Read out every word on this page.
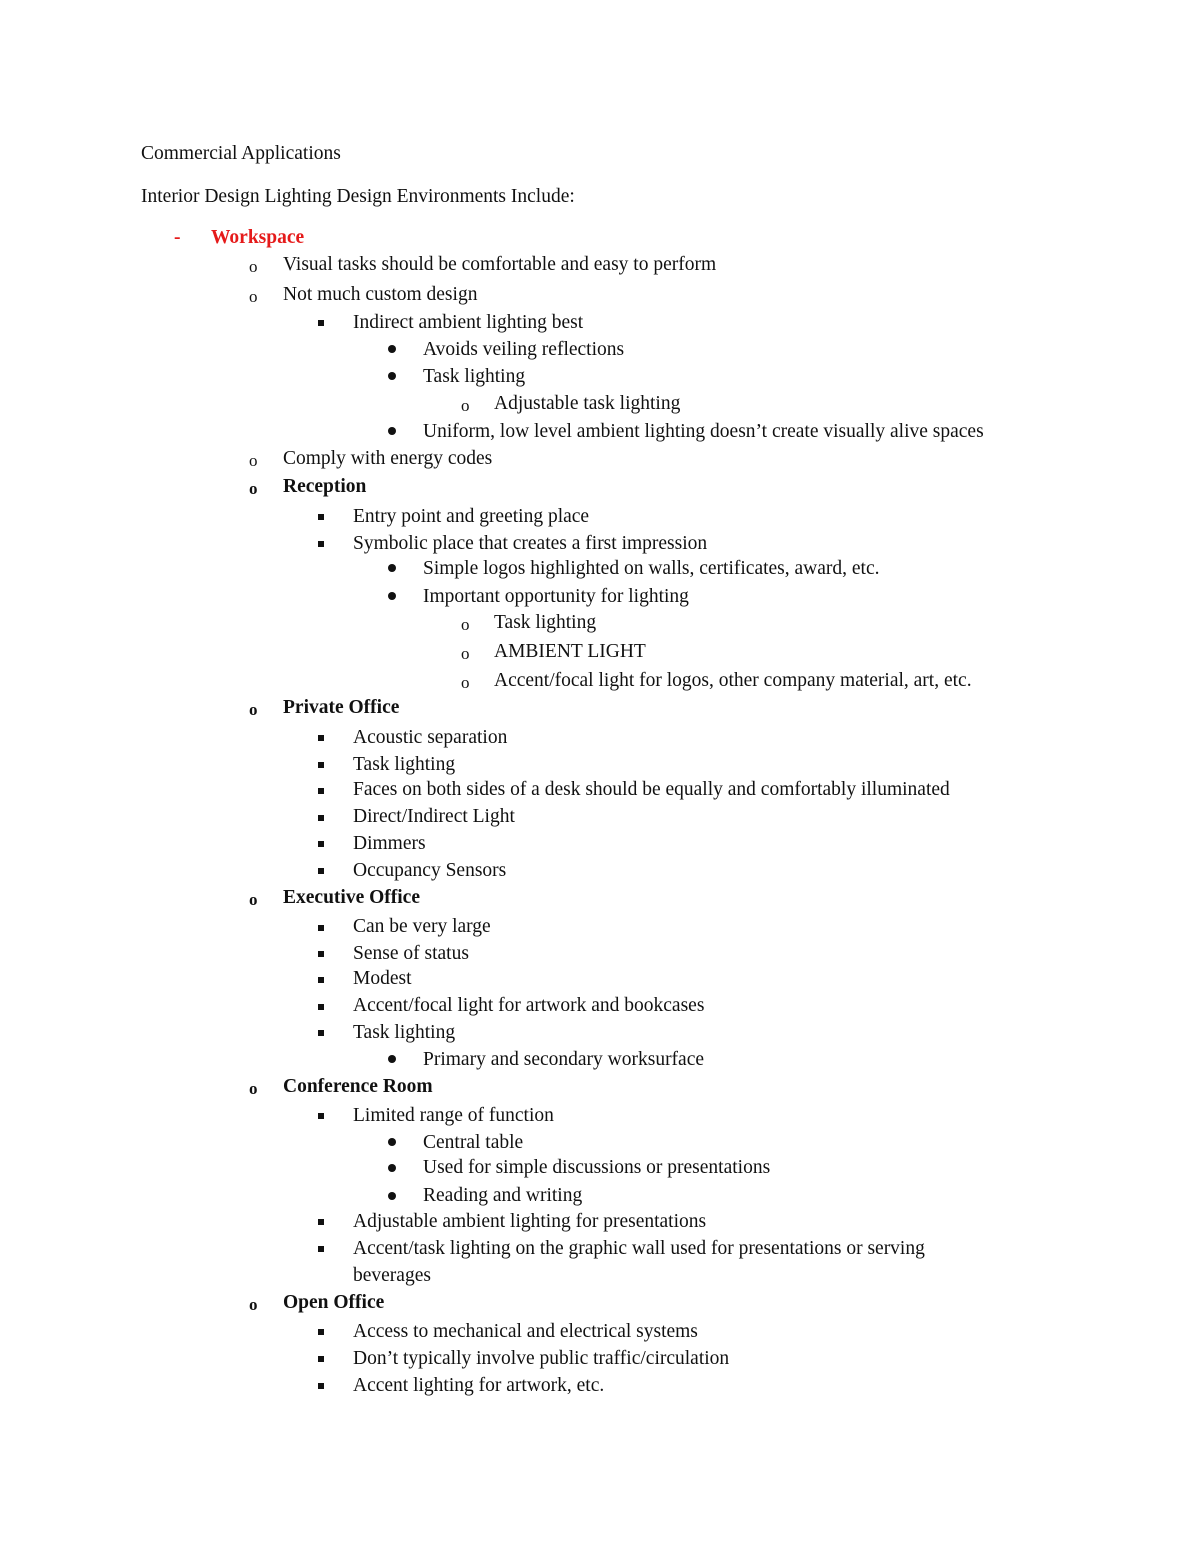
Commercial Applications
Interior Design Lighting Design Environments Include:
- Workspace
o Visual tasks should be comfortable and easy to perform
o Not much custom design
Indirect ambient lighting best
Avoids veiling reflections
Task lighting
o Adjustable task lighting
Uniform, low level ambient lighting doesn’t create visually alive spaces
o Comply with energy codes
o Reception
Entry point and greeting place
Symbolic place that creates a first impression
Simple logos highlighted on walls, certificates, award, etc.
Important opportunity for lighting
o Task lighting
o AMBIENT LIGHT
o Accent/focal light for logos, other company material, art, etc.
o Private Office
Acoustic separation
Task lighting
Faces on both sides of a desk should be equally and comfortably illuminated
Direct/Indirect Light
Dimmers
Occupancy Sensors
o Executive Office
Can be very large
Sense of status
Modest
Accent/focal light for artwork and bookcases
Task lighting
Primary and secondary worksurface
o Conference Room
Limited range of function
Central table
Used for simple discussions or presentations
Reading and writing
Adjustable ambient lighting for presentations
Accent/task lighting on the graphic wall used for presentations or serving
beverages
o Open Office
Access to mechanical and electrical systems
Don’t typically involve public traffic/circulation
Accent lighting for artwork, etc.
